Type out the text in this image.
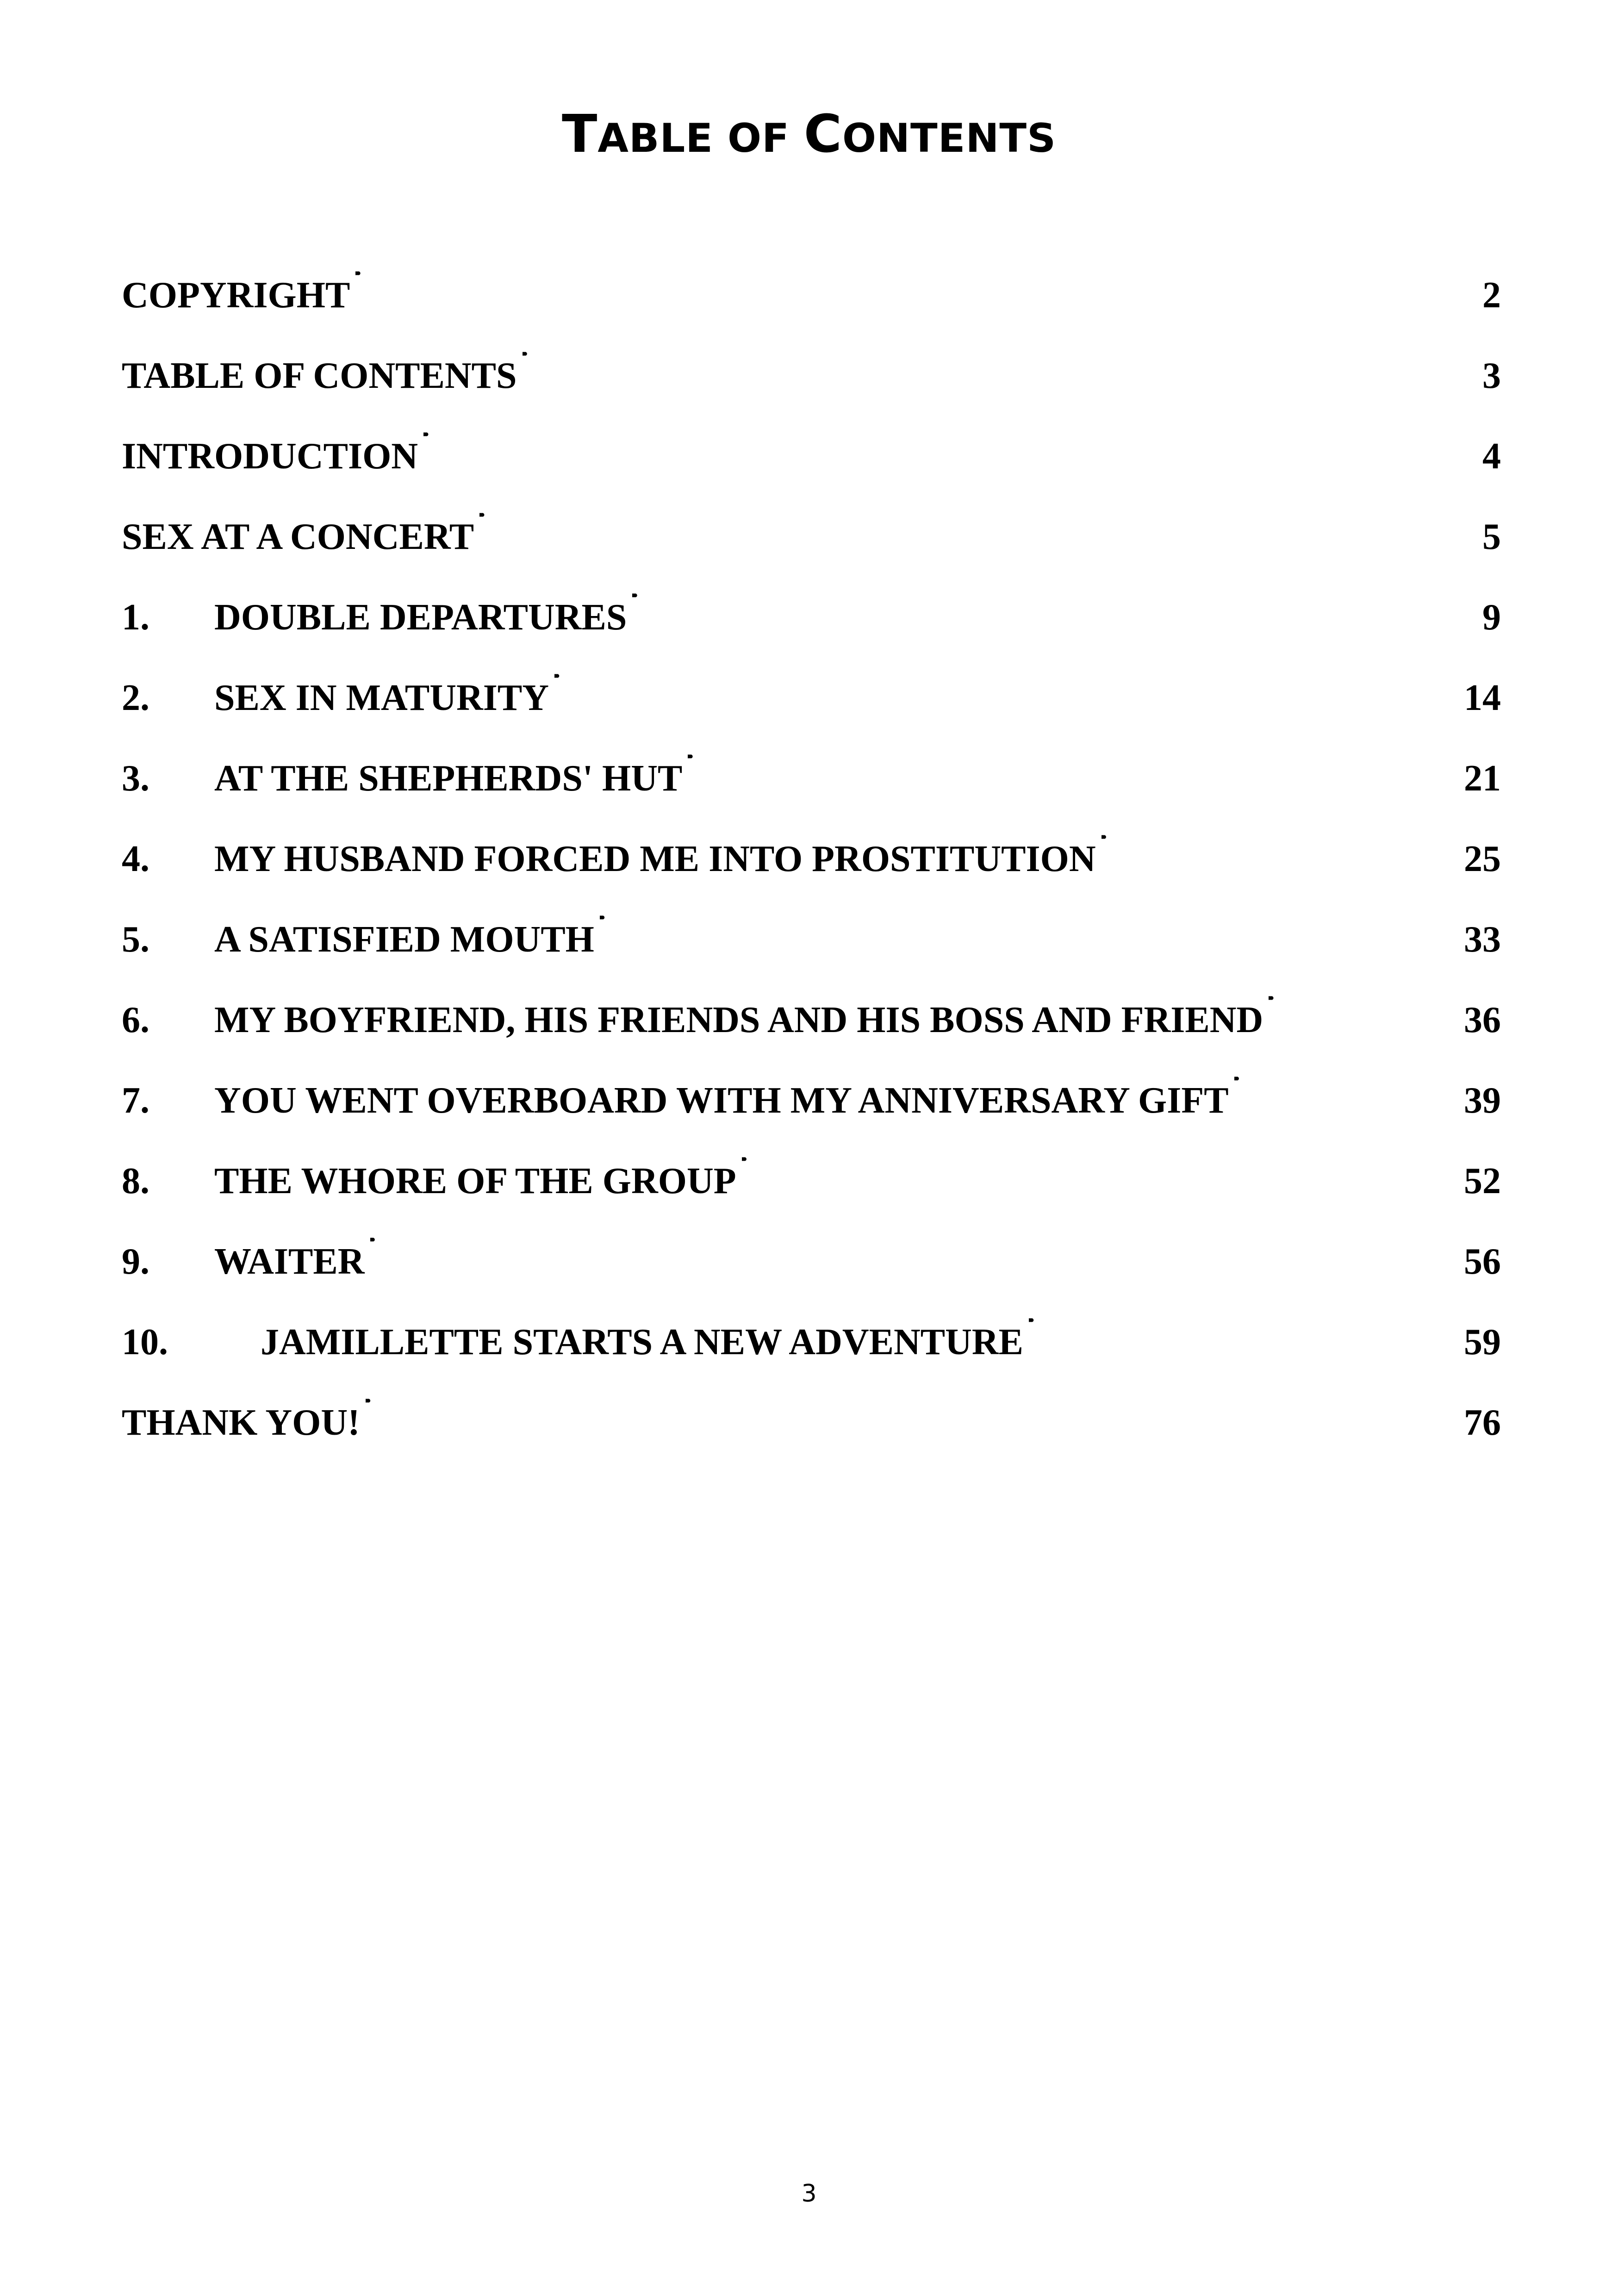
TABLE OF CONTENTS
COPYRIGHT . . .	2
TABLE OF CONTENTS . . .	3
INTRODUCTION . . .	4
SEX AT A CONCERT . . .	5
1.	DOUBLE DEPARTURES . . .	9
2.	SEX IN MATURITY . . .	14
3.	AT THE SHEPHERDS' HUT . . .	21
4.	MY HUSBAND FORCED ME INTO PROSTITUTION . . .	25
5.	A SATISFIED MOUTH . . .	33
6.	MY BOYFRIEND, HIS FRIENDS AND HIS BOSS AND FRIEND . . .	36
7.	YOU WENT OVERBOARD WITH MY ANNIVERSARY GIFT . . .	39
8.	THE WHORE OF THE GROUP . . .	52
9.	WAITER . . .	56
10.	JAMILLETTE STARTS A NEW ADVENTURE . . .	59
THANK YOU! . . .	76
3
